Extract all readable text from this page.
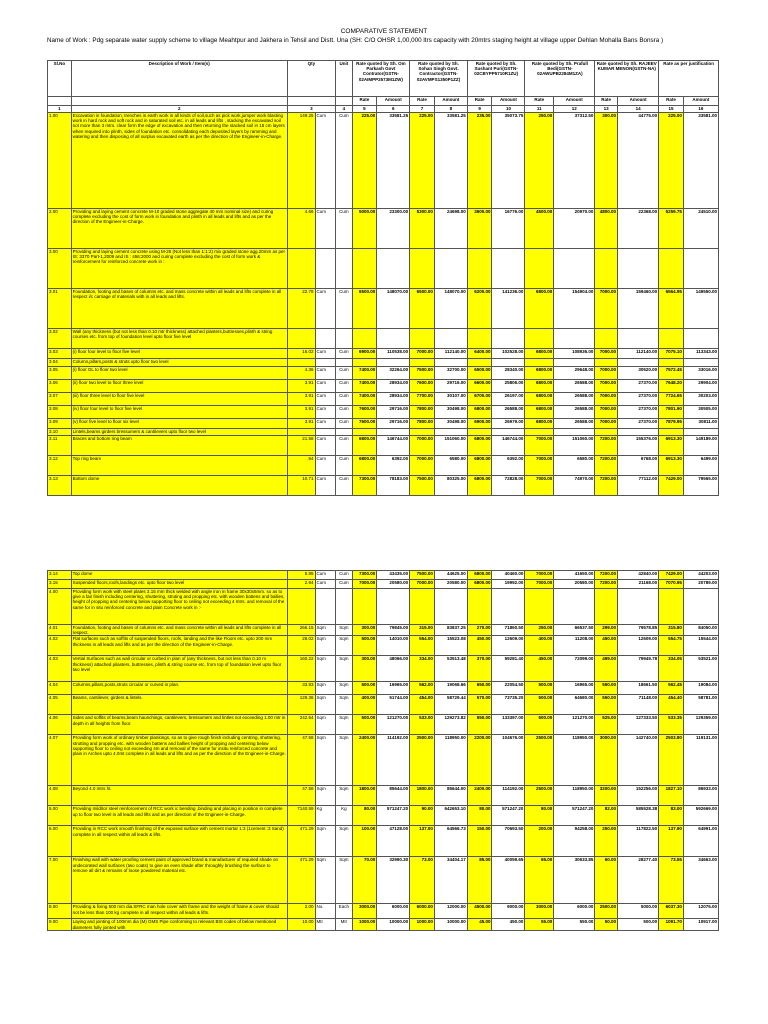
COMPARATIVE STATEMENT
Name of Work : Pdg separate water supply scheme to village Meahtpur and Jakhera in Tehsil and Distt. Una (SH: C/O OHSR 1,00,000 ltrs capacity with 20mtrs staging height at village upper Dehlan Mohalla Bans Bonsra )
Sl.No	Description of Work / Item(s)	Qty		Unit	Rate quoted by Sh. Om Parkash Govt Contrator(GSTN-02AIMPP2573M1ZW)		Rate quoted by Sh. Sohan Singh Govt. Contractor(GSTN-02AVMPS1350P1ZZ)		Rate quoted by Sh. Sushant Puri(GSTN-02CBYPP5710R1ZU)		Rate quoted by Sh. Prafull Bedi(GSTN-02AWUPB2284M1ZA)		Rate quoted by Sh. RAJEEV KUMAR MENON(GSTN-NA)		Rate as per justification	
					Rate	Amount	Rate	Amount	Rate	Amount	Rate	Amount	Rate	Amount	Rate	Amount
1	2	3		4	5	6	7	8	9	10	11	12	13	14	15	16
1.00	Excavation in foundation, trenches in earth work in all kinds of soil,such as pick work,jumper work blasting work in hard rock and soft rock and in saturated soil etc. in all leads and lifts , stacking the excavated soil not more than 3 mtrs. clear form the edge of excavation and then returning the stacked soil in 15 cm layers when required into plinth, sides of foundation etc. consolidating each deposited layers by ramming and watering and then disposing of all surplus excavated earth as per the direction of the Engineer-in-Charge.	149.25	Cum	Cum	225.00	33581.25	225.00	33581.25	235.00	35073.75	250.00	37312.50	300.00	44775.00	225.00	33581.00
2.00	Providing and laying cement concrete M-10 graded stone aggregate 40 mm nominal size) and curing complete excluding the cost of form work in foundation and plinth in all leads and lifts and as per the direction of the Engineer-in-Charge.	4.66	Cum	Cum	5000.00	23300.00	5300.00	24698.00	3600.00	16776.00	4500.00	20970.00	4800.00	22368.00	5259.75	24510.00
3.00	Providing and laying cement concrete using M-25 (Not less than 1:1:2) mix graded stone agg.20mm as per IS: 3370 Part-1,2009 and IS : 456:2000 and curing complete excluding the cost of form work & reinforcement for reinforced concrete work in :															
3.01	Foundation, footing and bases of columns etc. and mass concrete within all leads and lifts complete in all respect i/c carriage of materials with in all leads and lifts.	22.78	Cum	Cum	6500.00	148070.00	6500.00	148070.00	6200.00	141236.00	6800.00	154904.00	7000.00	159460.00	6564.95	149550.00
3.02	Wall (any thickness (but not less than 0.10 mtr thickness) attached plasters,buttresses,plinth & string courses etc. from top of foundation level upto floor five level															
3.03	(i) floor four level to floor five level	16.02	Cum	Cum	6900.00	110538.00	7000.00	112140.00	6400.00	102528.00	6800.00	108936.00	7000.00	112140.00	7075.10	113343.00
3.04	Column,pillars,posts & struts upto floor two level															
3.05	(i) floor GL to floor two level	4.36	Cum	Cum	7400.00	32264.00	7500.00	32700.00	6500.00	28340.00	6800.00	29648.00	7000.00	30520.00	7572.45	33016.00
3.06	(ii) floor two level to floor three level	3.91	Cum	Cum	7400.00	28934.00	7600.00	29716.00	6600.00	25806.00	6800.00	26588.00	7000.00	27370.00	7648.20	29904.00
3.07	(iii) floor three level to floor five level	3.91	Cum	Cum	7400.00	28934.00	7700.00	30107.00	6700.00	26197.00	6800.00	26588.00	7000.00	27370.00	7724.65	30203.00
3.08	(iv) floor four level to floor five level	3.91	Cum	Cum	7600.00	29716.00	7800.00	30498.00	6800.00	26588.00	6800.00	26588.00	7000.00	27370.00	7801.90	30505.00
3.09	(v) floor five level to floor six level	3.91	Cum	Cum	7600.00	29716.00	7800.00	30498.00	6900.00	26979.00	6800.00	26588.00	7000.00	27370.00	7879.95	30811.00
3.10	Lintels,beams girders bressumers & cantilevers upto floor two level															
3.11	Braces and bottom ring beam	21.58	Cum	Cum	6800.00	146744.00	7000.00	151060.00	6800.00	146744.00	7000.00	151060.00	7200.00	155376.00	6913.30	149189.00
3.12	Top ring beam	.94	Cum	Cum	6800.00	6392.00	7000.00	6580.00	6800.00	6392.00	7000.00	6580.00	7200.00	6768.00	6913.30	6499.00
3.13	Bottom dome	10.71	Cum	Cum	7300.00	78183.00	7500.00	80325.00	6800.00	72828.00	7000.00	74970.00	7200.00	77112.00	7429.00	79565.00
3.14	Top dome	5.95	Cum	Cum	7300.00	43435.00	7500.00	44625.00	6800.00	40460.00	7000.00	41650.00	7200.00	42840.00	7429.00	44203.00
3.15	Suspended floors,roofs,landings etc. upto floor two level	2.94	Cum	Cum	7000.00	20580.00	7000.00	20580.00	6800.00	19992.00	7000.00	20580.00	7200.00	21168.00	7070.95	20789.00
4.00	Providing form work with steel plates 3.15 mm thick welded with angle iron in frame 30x30x5mm. so as to give a fair finish including centering, shuttering, struting and propping etc. with wooden battens and ballies, height of propping and centering below supporting floor to ceiling not exceeding 4 mtrs. and removal of the same for in situ reinforced concrete and plain Concrete work in :-															
4.01	Foundation, footing and bases of columns etc. and mass concrete within all leads and lifts complete in all respect.	266.15	Sqm	Sqm	300.00	79845.00	315.00	83837.25	270.00	71860.50	250.00	66537.50	299.00	79578.85	315.80	84050.00
4.02	Flat surfaces such as soffits of suspended floors, roofs, landing and the like Floors etc. upto 200 mm thickness in all leads and lifts and as per the direction of the Engineer-in-Charge.	28.02	Sqm	Sqm	500.00	14010.00	554.00	15523.08	450.00	12609.00	400.00	11208.00	450.00	12609.00	554.75	15544.00
4.03	Vertial Surfaces such as wall circular or curbed in plan of (any thickness, but not less than 0.10 m thickness) attached pilasters, buttresses, plinth & string course etc. from top of foundation level upto floor two level	160.22	Sqm	Sqm	300.00	48066.00	334.00	53513.48	370.00	59281.40	450.00	72099.00	499.00	79949.78	334.05	53521.00
4.04	Columns,pillars,posts,struts circular or curved in plan.	33.93	Sqm	Sqm	500.00	16965.00	562.00	19068.66	650.00	22054.50	500.00	16965.00	550.00	18661.50	562.45	19084.00
4.05	Beams, cantilever, girders & lintels.	129.36	Sqm	Sqm	400.00	51744.00	454.00	58729.44	570.00	73735.20	500.00	64680.00	550.00	71148.00	454.40	58781.00
4.06	Sides and soffits of beams,beam haunchings, cantilevers, bressumers and lintles not exceeding 1.00 mtr in depth in all heights from floor.	242.54	Sqm	Sqm	500.00	121270.00	533.00	129273.82	550.00	133397.00	500.00	121270.00	525.00	127333.50	533.35	129359.00
4.07	Providing form work of ordinary timber plankings, so as to give rough finish including centring, shuttering, strutting and propping etc. with wooden battens and ballies height of propping and centering below supporting floor to ceiling not exceeding 4m and removal of the same for insitu reinforced concrete and plain in Arches upto 4.0mt complete in all leads and lifts and as per the direction of the Engineer-in-Charge.	47.58	Sqm	Sqm	2400.00	114192.00	2500.00	118950.00	2200.00	104676.00	2500.00	118950.00	3000.00	142740.00	2503.80	119131.00
4.08	Beyond 4.0 mtrs ht.	47.58	Sqm	Sqm	1800.00	85644.00	1800.00	85644.00	2400.00	114192.00	2500.00	118950.00	3200.00	152256.00	1827.10	86933.00
5.00	Providing mild/tor steel reinforcement of RCC work ic bending ,binding and placing in position in complete up to floor two level in all leads and lifts and as per direction of the Engineer-in-Charge.	7140.59	Kg	Kg	80.00	571247.20	90.00	642653.10	80.00	571247.20	80.00	571247.20	82.00	585528.38	83.00	592669.00
6.00	Providing in RCC work smooth finishing of the exposed surface with cement mortar 1:3 (1cement :3 Sand) complete in all respect within all leads & lifts.	471.29	Sqm	Sqm	100.00	47128.00	137.00	64566.73	150.00	70693.50	200.00	94258.00	250.00	117822.50	137.90	64991.00
7.00	Finishing wall with water proofing cement paint of approved brand & manufacturer of required shade on undecorated wall surfaces (two coats) to give an even shade after throughly brushing the surface to remove all dirt & remains of loose powdered material etc.	471.29	Sqm	Sqm	70.00	32990.30	73.00	34404.17	85.00	40059.65	65.00	30633.85	60.00	28277.40	73.55	34663.00
8.00	Providing & fixing 500 mm dia.SFRC man hole cover with frame and the weight of frame & cover should not be less than 100 kg complete in all respect within all leads & lifts.	2.00	No.	Each	3000.00	6000.00	6000.00	12000.00	4500.00	9000.00	3000.00	6000.00	2500.00	5000.00	6037.30	12075.00
9.00	Laying and jointing of 100mm dia (M) GMS Pipe conforming to relevant BIS codes of below mentioned diameters fully jointed with	10.00	Mtr	Mtr	1000.00	10000.00	1000.00	10000.00	45.00	450.00	55.00	550.00	50.00	500.00	1091.70	10917.00
